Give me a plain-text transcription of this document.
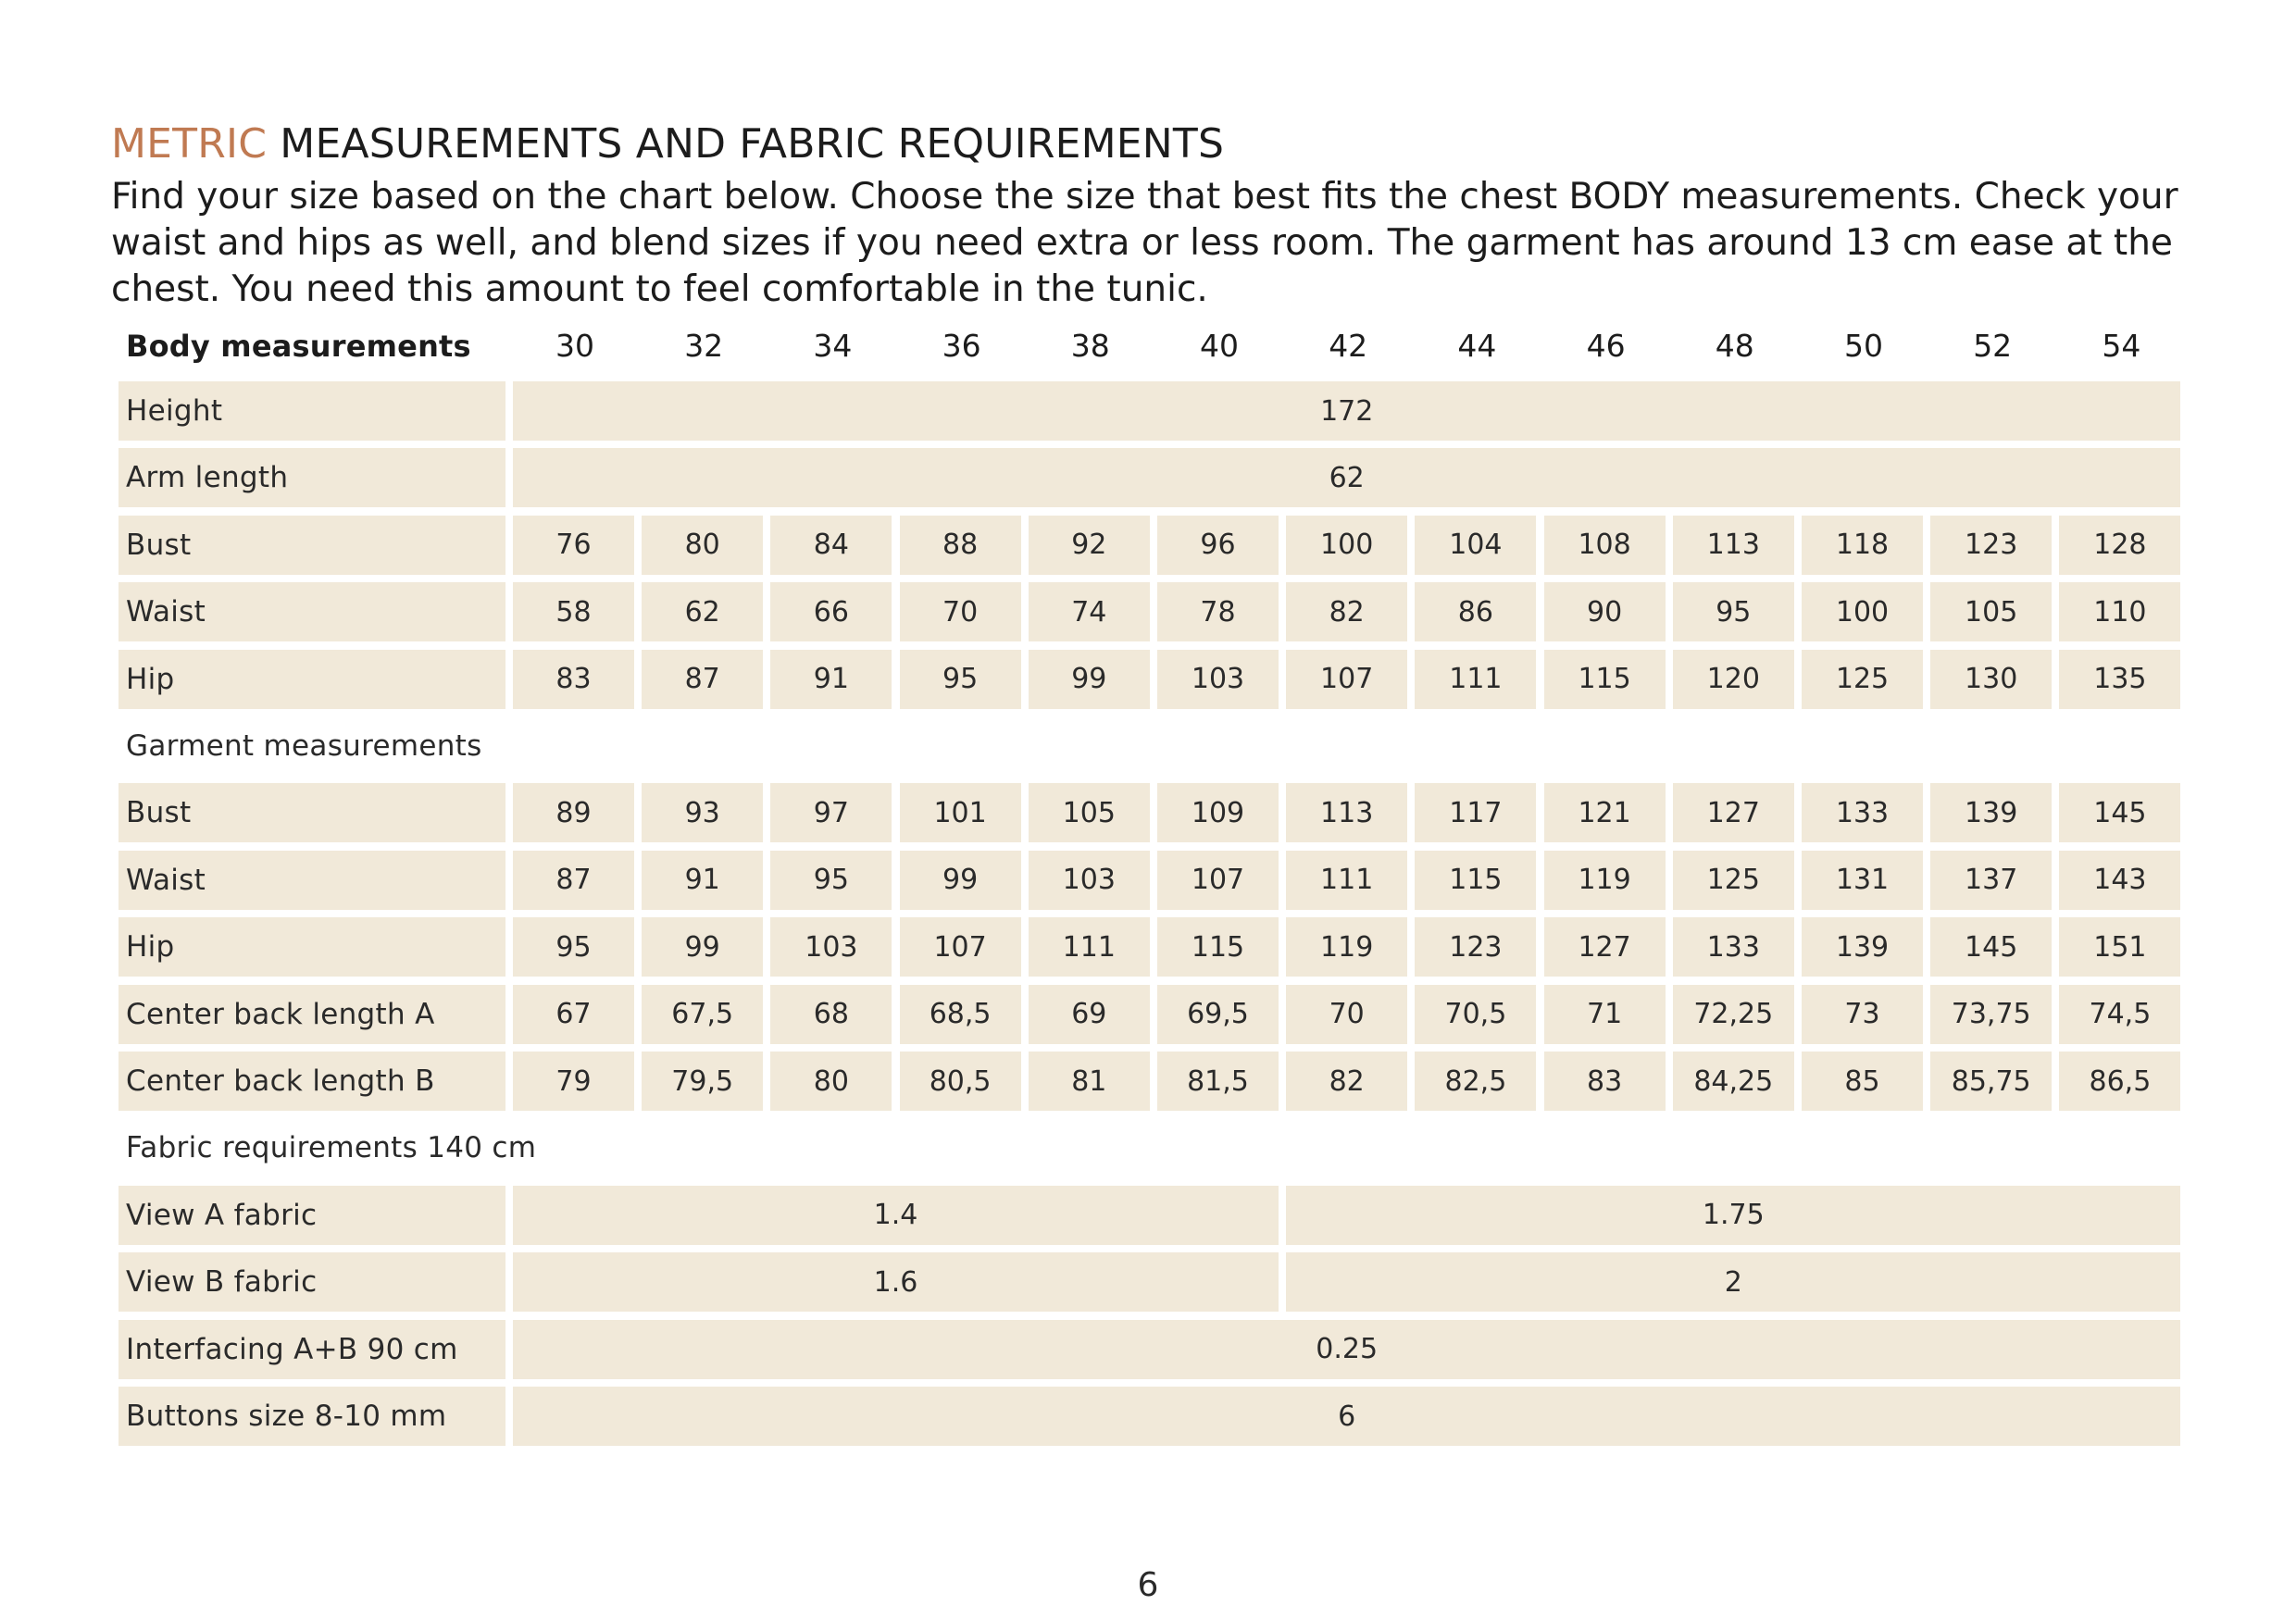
METRIC MEASUREMENTS AND FABRIC REQUIREMENTS
Find your size based on the chart below. Choose the size that best fits the chest BODY measurements. Check your waist and hips as well, and blend sizes if you need extra or less room. The garment has around 13 cm ease at the chest. You need this amount to feel comfortable in the tunic.
Body measurements	30	32	34	36	38	40	42	44	46	48	50	52	54
Height	172
Arm length	62
Bust	76	80	84	88	92	96	100	104	108	113	118	123	128
Waist	58	62	66	70	74	78	82	86	90	95	100	105	110
Hip	83	87	91	95	99	103	107	111	115	120	125	130	135
Garment measurements
Bust	89	93	97	101	105	109	113	117	121	127	133	139	145
Waist	87	91	95	99	103	107	111	115	119	125	131	137	143
Hip	95	99	103	107	111	115	119	123	127	133	139	145	151
Center back length A	67	67,5	68	68,5	69	69,5	70	70,5	71	72,25	73	73,75	74,5
Center back length B	79	79,5	80	80,5	81	81,5	82	82,5	83	84,25	85	85,75	86,5
Fabric requirements 140 cm
View A fabric	1.4	1.75
View B fabric	1.6	2
Interfacing A+B 90 cm	0.25
Buttons size 8-10 mm	6
6
